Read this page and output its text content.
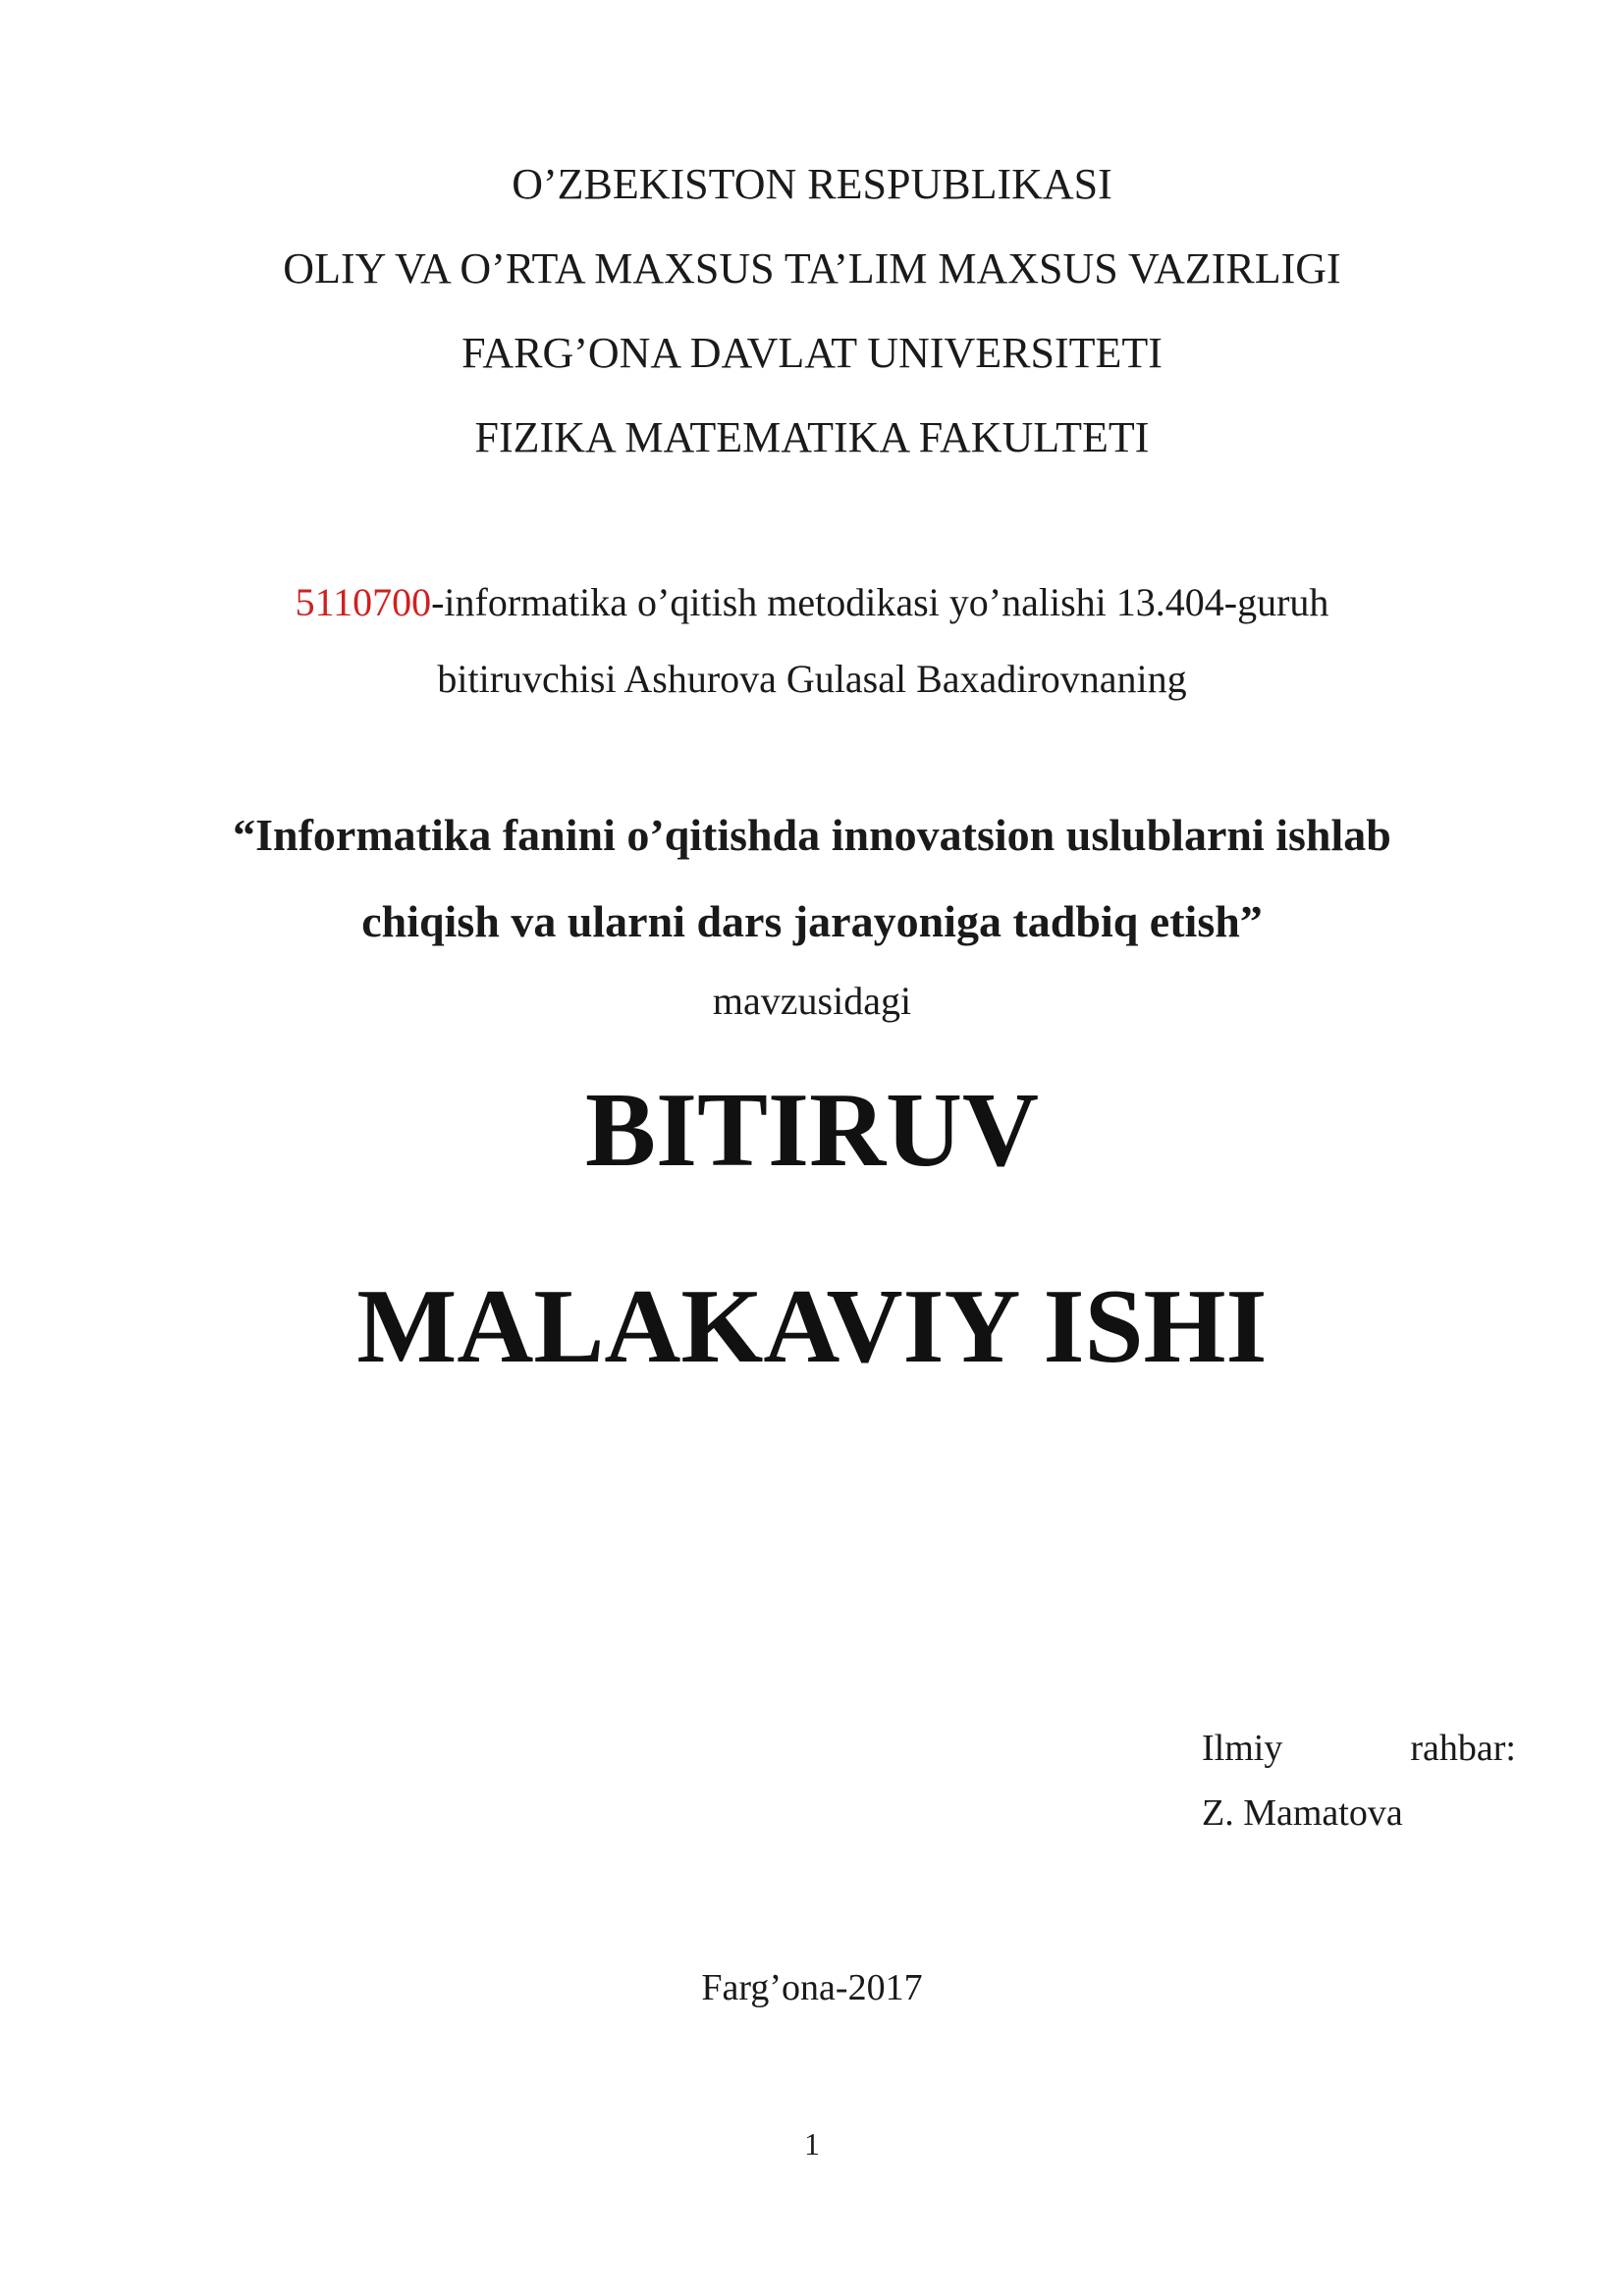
O’ZBEKISTON RESPUBLIKASI
OLIY VA O’RTA MAXSUS TA’LIM MAXSUS VAZIRLIGI
FARG’ONA DAVLAT UNIVERSITETI
FIZIKA MATEMATIKA FAKULTETI
5110700-informatika o’qitish metodikasi yo’nalishi 13.404-guruh
bitiruvchisi Ashurova Gulasal Baxadirovnaning
“Informatika fanini o’qitishda innovatsion uslublarni ishlab
chiqish va ularni dars jarayoniga tadbiq etish”
mavzusidagi
BITIRUV
MALAKAVIY ISHI
Ilmiy	rahbar:
Z. Mamatova
Farg’ona-2017
1
